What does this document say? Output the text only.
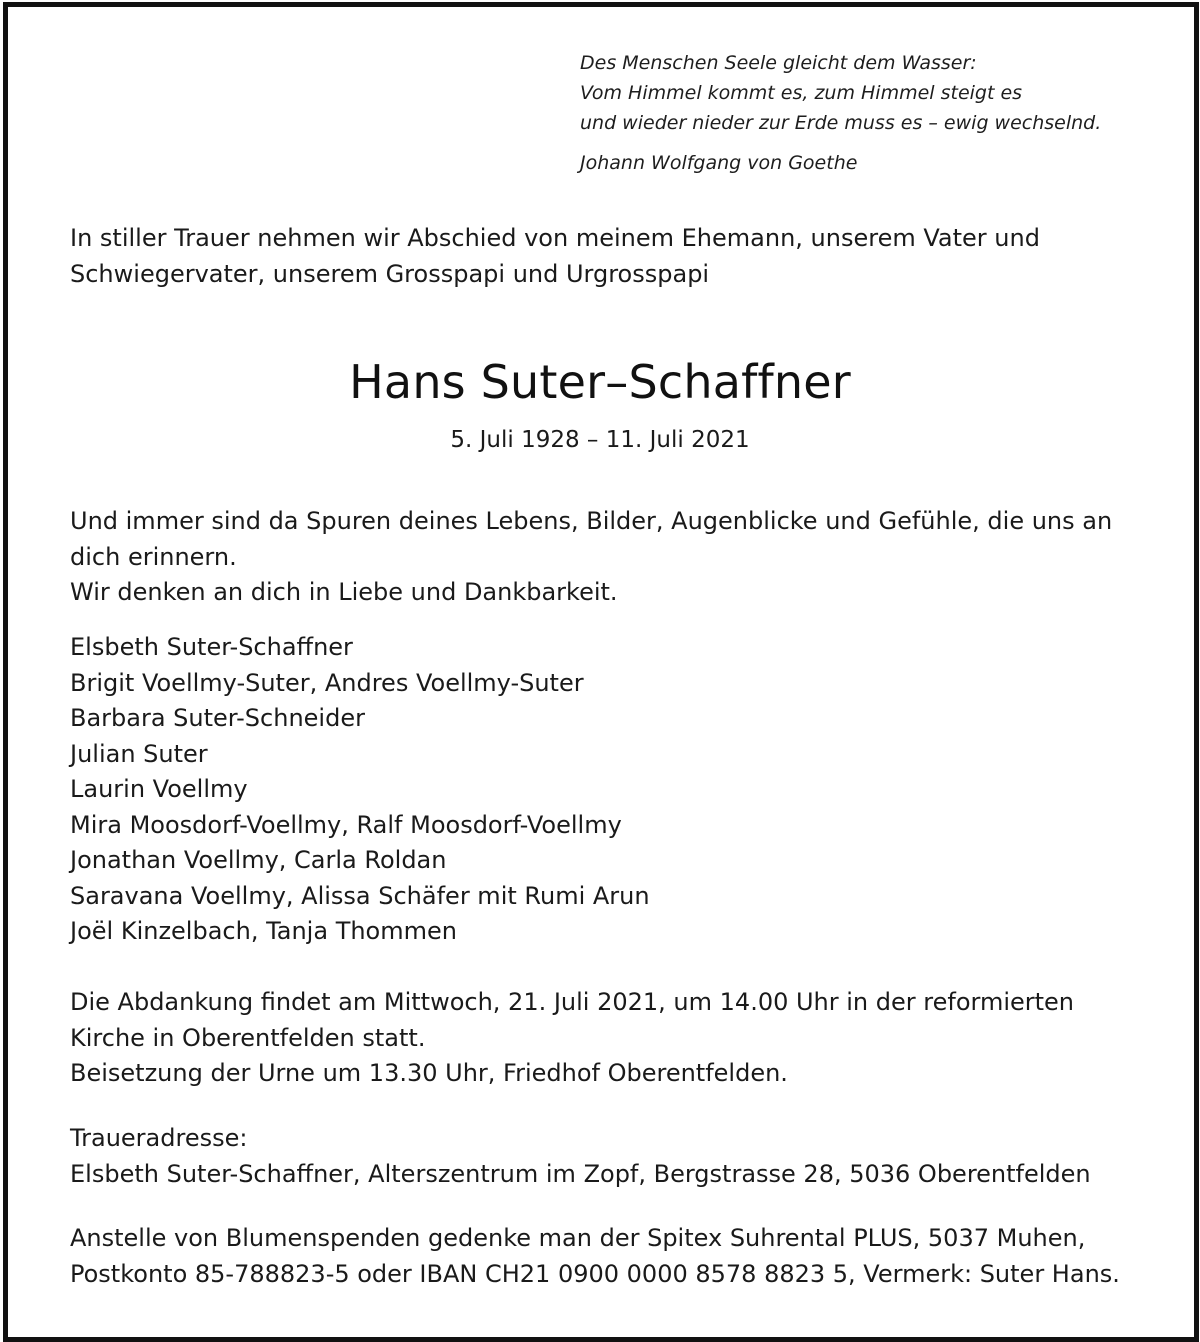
Des Menschen Seele gleicht dem Wasser:
Vom Himmel kommt es, zum Himmel steigt es
und wieder nieder zur Erde muss es – ewig wechselnd.
Johann Wolfgang von Goethe
In stiller Trauer nehmen wir Abschied von meinem Ehemann, unserem Vater und
Schwiegervater, unserem Grosspapi und Urgrosspapi
Hans Suter–Schaffner
5. Juli 1928 – 11. Juli 2021
Und immer sind da Spuren deines Lebens, Bilder, Augenblicke und Gefühle, die uns an
dich erinnern.
Wir denken an dich in Liebe und Dankbarkeit.
Elsbeth Suter-Schaffner
Brigit Voellmy-Suter, Andres Voellmy-Suter
Barbara Suter-Schneider
Julian Suter
Laurin Voellmy
Mira Moosdorf-Voellmy, Ralf Moosdorf-Voellmy
Jonathan Voellmy, Carla Roldan
Saravana Voellmy, Alissa Schäfer mit Rumi Arun
Joël Kinzelbach, Tanja Thommen
Die Abdankung findet am Mittwoch, 21. Juli 2021, um 14.00 Uhr in der reformierten
Kirche in Oberentfelden statt.
Beisetzung der Urne um 13.30 Uhr, Friedhof Oberentfelden.
Traueradresse:
Elsbeth Suter-Schaffner, Alterszentrum im Zopf, Bergstrasse 28, 5036 Oberentfelden
Anstelle von Blumenspenden gedenke man der Spitex Suhrental PLUS, 5037 Muhen,
Postkonto 85-788823-5 oder IBAN CH21 0900 0000 8578 8823 5, Vermerk: Suter Hans.
